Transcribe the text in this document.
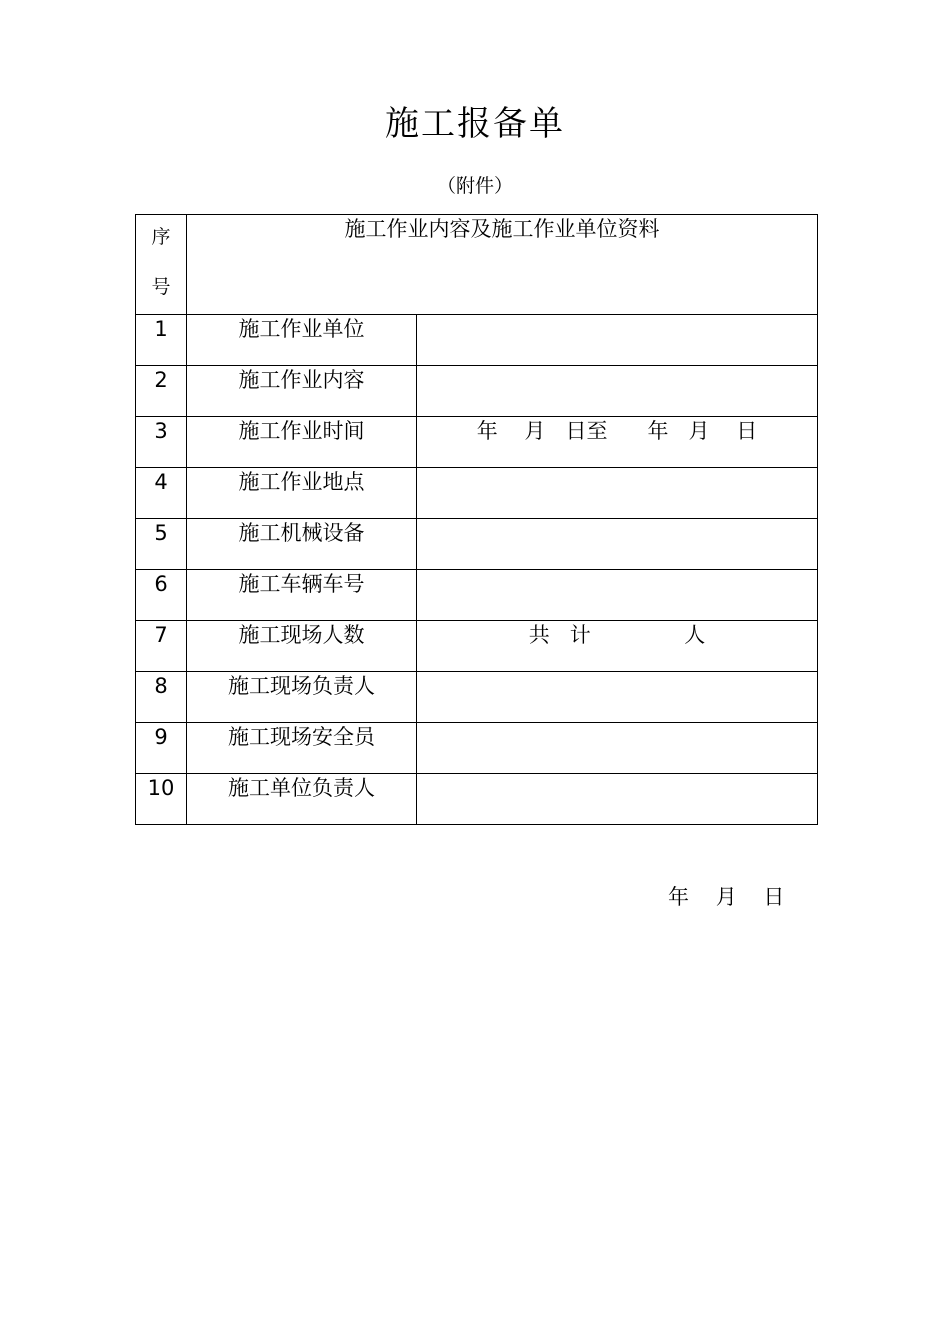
施工报备单
（附件）
序
号	施工作业内容及施工作业单位资料	
1	施工作业单位	
2	施工作业内容	
3	施工作业时间	年    月   日至      年   月    日
4	施工作业地点	
5	施工机械设备	
6	施工车辆车号	
7	施工现场人数	共   计              人
8	施工现场负责人	
9	施工现场安全员	
10	施工单位负责人	
年    月    日
